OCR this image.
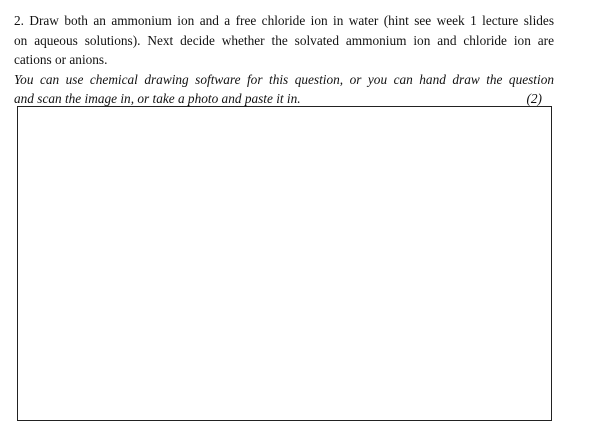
2. Draw both an ammonium ion and a free chloride ion in water (hint see week 1 lecture slides
on aqueous solutions). Next decide whether the solvated ammonium ion and chloride ion are
cations or anions.
You can use chemical drawing software for this question, or you can hand draw the question
and scan the image in, or take a photo and paste it in.	(2)
